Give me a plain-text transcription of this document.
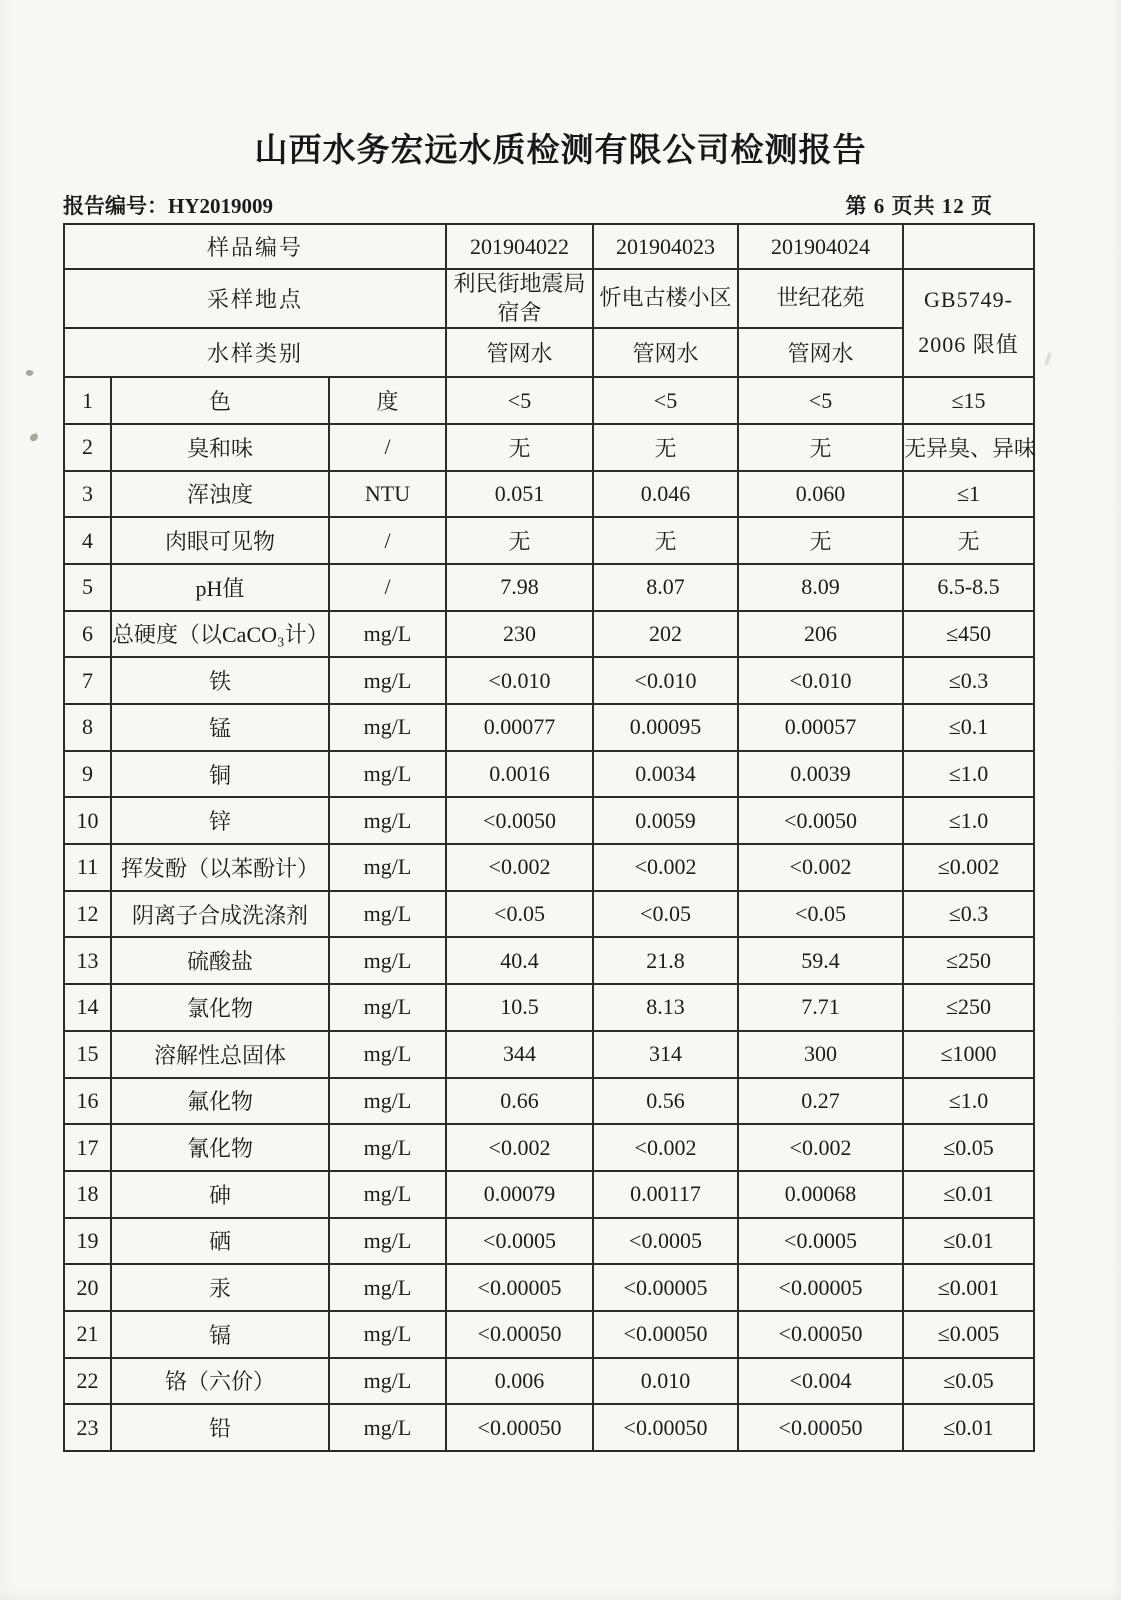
山西水务宏远水质检测有限公司检测报告
报告编号：HY2019009	第 6 页共 12 页
样品编号			201904022	201904023	201904024	
采样地点			利民街地震局宿舍	忻电古楼小区	世纪花苑	GB5749-
2006 限值

水样类别			管网水	管网水	管网水	
1	色	度	<5	<5	<5	≤15
2	臭和味	/	无	无	无	无异臭、异味
3	浑浊度	NTU	0.051	0.046	0.060	≤1
4	肉眼可见物	/	无	无	无	无
5	pH值	/	7.98	8.07	8.09	6.5-8.5
6	总硬度（以CaCO₃计）	mg/L	230	202	206	≤450
7	铁	mg/L	<0.010	<0.010	<0.010	≤0.3
8	锰	mg/L	0.00077	0.00095	0.00057	≤0.1
9	铜	mg/L	0.0016	0.0034	0.0039	≤1.0
10	锌	mg/L	<0.0050	0.0059	<0.0050	≤1.0
11	挥发酚（以苯酚计）	mg/L	<0.002	<0.002	<0.002	≤0.002
12	阴离子合成洗涤剂	mg/L	<0.05	<0.05	<0.05	≤0.3
13	硫酸盐	mg/L	40.4	21.8	59.4	≤250
14	氯化物	mg/L	10.5	8.13	7.71	≤250
15	溶解性总固体	mg/L	344	314	300	≤1000
16	氟化物	mg/L	0.66	0.56	0.27	≤1.0
17	氰化物	mg/L	<0.002	<0.002	<0.002	≤0.05
18	砷	mg/L	0.00079	0.00117	0.00068	≤0.01
19	硒	mg/L	<0.0005	<0.0005	<0.0005	≤0.01
20	汞	mg/L	<0.00005	<0.00005	<0.00005	≤0.001
21	镉	mg/L	<0.00050	<0.00050	<0.00050	≤0.005
22	铬（六价）	mg/L	0.006	0.010	<0.004	≤0.05
23	铅	mg/L	<0.00050	<0.00050	<0.00050	≤0.01
